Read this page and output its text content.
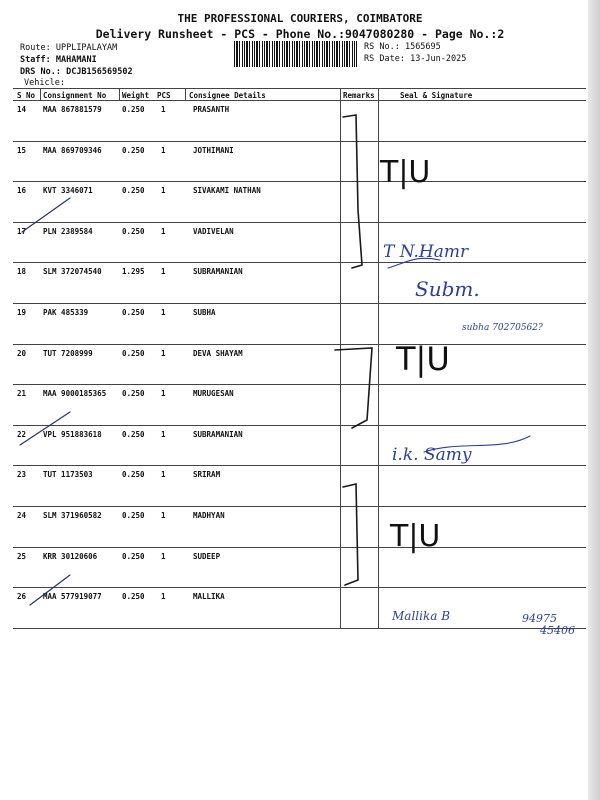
THE PROFESSIONAL COURIERS, COIMBATORE
Delivery Runsheet - PCS - Phone No.:9047080280 - Page No.:2
Route: UPPLIPALAYAM
Staff: MAHAMANI
DRS No.: DCJB156569502
Vehicle:
RS No.: 1565695
RS Date: 13-Jun-2025
S No Consignment No Weight PCS Consignee Details	Remarks	Seal & Signature
14 MAA 867881579	0.250 1	PRASANTH
15 MAA 869709346	0.250 1	JOTHIMANI
16 KVT 3346071	0.250 1	SIVAKAMI NATHAN
17 PLN 2389584	0.250 1	VADIVELAN
18 SLM 372074540	1.295 1	SUBRAMANIAN
19 PAK 485339	0.250 1	SUBHA
20 TUT 7208999	0.250 1	DEVA SHAYAM
21 MAA 9000185365 0.250 1	MURUGESAN
22 VPL 951883618	0.250 1	SUBRAMANIAN
23 TUT 1173503	0.250 1	SRIRAM
24 SLM 371960582	0.250 1	MADHYAN
25 KRR 30120606	0.250 1	SUDEEP
26 MAA 577919077	0.250 1	MALLIKA
T|U
T|U
T|U
T N.Hamr
Subm.
subha 70270562?
i.k. Samy
Mallika B	94975
45406
